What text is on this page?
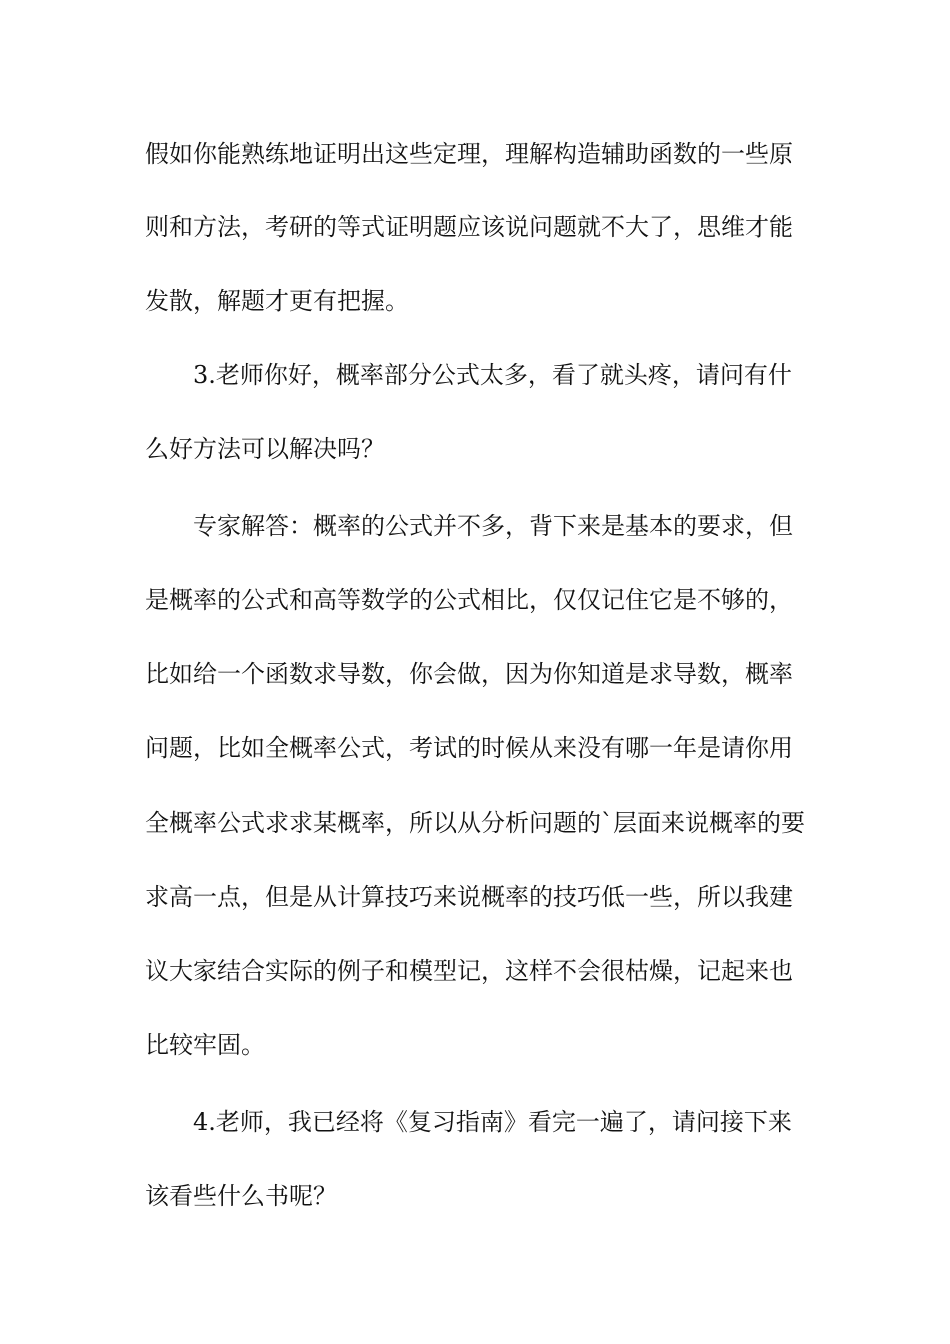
假如你能熟练地证明出这些定理，理解构造辅助函数的一些原
则和方法，考研的等式证明题应该说问题就不大了，思维才能
发散，解题才更有把握。
3.老师你好，概率部分公式太多，看了就头疼，请问有什
么好方法可以解决吗？
专家解答：概率的公式并不多，背下来是基本的要求，但
是概率的公式和高等数学的公式相比，仅仅记住它是不够的，
比如给一个函数求导数，你会做，因为你知道是求导数，概率
问题，比如全概率公式，考试的时候从来没有哪一年是请你用
全概率公式求求某概率，所以从分析问题的`层面来说概率的要
求高一点，但是从计算技巧来说概率的技巧低一些，所以我建
议大家结合实际的例子和模型记，这样不会很枯燥，记起来也
比较牢固。
4.老师，我已经将《复习指南》看完一遍了，请问接下来
该看些什么书呢？
